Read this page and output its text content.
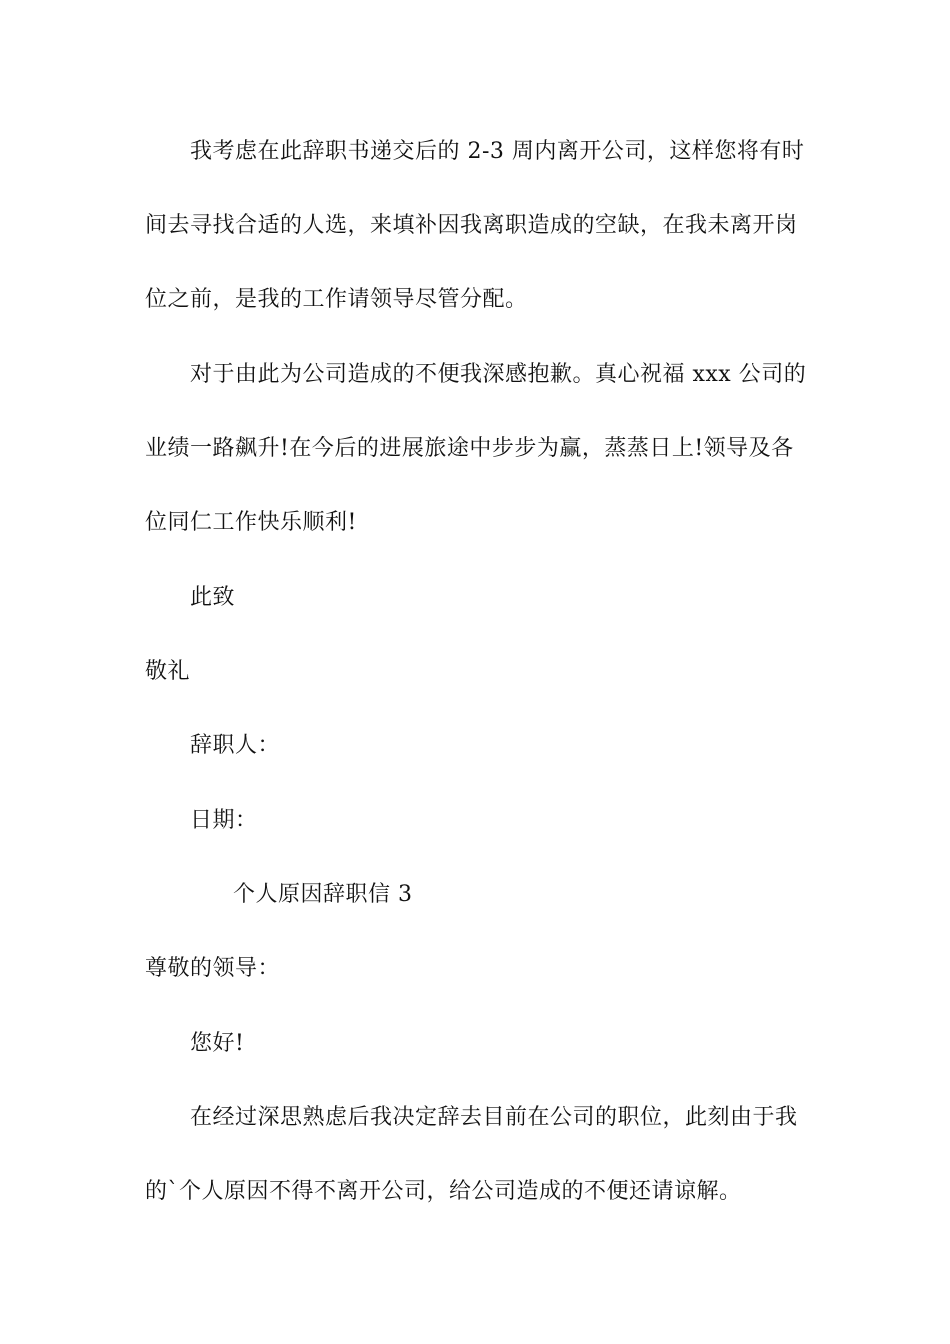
我考虑在此辞职书递交后的 2-3 周内离开公司，这样您将有时
间去寻找合适的人选，来填补因我离职造成的空缺，在我未离开岗
位之前，是我的工作请领导尽管分配。
对于由此为公司造成的不便我深感抱歉。真心祝福 xxx 公司的
业绩一路飙升!在今后的进展旅途中步步为赢，蒸蒸日上!领导及各
位同仁工作快乐顺利!
此致
敬礼
辞职人：
日期：
个人原因辞职信 3
尊敬的领导：
您好!
在经过深思熟虑后我决定辞去目前在公司的职位，此刻由于我
的`个人原因不得不离开公司，给公司造成的不便还请谅解。
